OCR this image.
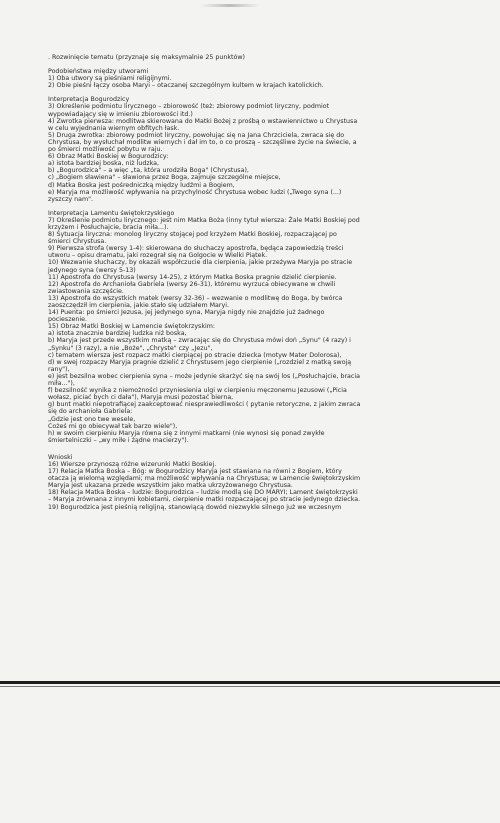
. Rozwinięcie tematu (przyznaje się maksymalnie 25 punktów)
Podobieństwa między utworami
1) Oba utwory są pieśniami religijnymi.
2) Obie pieśni łączy osoba Maryi – otaczanej szczególnym kultem w krajach katolickich.
Interpretacja Bogurodzicy
3) Określenie podmiotu lirycznego – zbiorowość (też: zbiorowy podmiot liryczny, podmiot
wypowiadający się w imieniu zbiorowości itd.)
4) Zwrotka pierwsza: modlitwa skierowana do Matki Bożej z prośbą o wstawiennictwo u Chrystusa
w celu wyjednania wiernym obfitych łask.
5) Druga zwrotka: zbiorowy podmiot liryczny, powołując się na Jana Chrzciciela, zwraca się do
Chrystusa, by wysłuchał modlitw wiernych i dał im to, o co proszą – szczęśliwe życie na świecie, a
po śmierci możliwość pobytu w raju.
6) Obraz Matki Boskiej w Bogurodzicy:
a) istota bardziej boska, niż ludzka,
b) „Bogurodzica" – a więc „ta, która urodziła Boga" (Chrystusa),
c) „Bogiem sławiena" – sławiona przez Boga, zajmuje szczególne miejsce,
d) Matka Boska jest pośredniczką między ludźmi a Bogiem,
e) Maryja ma możliwość wpływania na przychylność Chrystusa wobec ludzi („Twego syna (...)
zyszczy nam".
Interpretacja Lamentu świętokrzyskiego
7) Określenie podmiotu lirycznego: jest nim Matka Boża (inny tytuł wiersza: Żale Matki Boskiej pod
krzyżem i Posłuchajcie, bracia miła...).
8) Sytuacja liryczna: monolog liryczny stojącej pod krzyżem Matki Boskiej, rozpaczającej po
śmierci Chrystusa.
9) Pierwsza strofa (wersy 1-4): skierowana do słuchaczy apostrofa, będąca zapowiedzią treści
utworu – opisu dramatu, jaki rozegrał się na Golgocie w Wielki Piątek.
10) Wezwanie słuchaczy, by okazali współczucie dla cierpienia, jakie przeżywa Maryja po stracie
jedynego syna (wersy 5-13)
11) Apostrofa do Chrystusa (wersy 14-25), z którym Matka Boska pragnie dzielić cierpienie.
12) Apostrofa do Archanioła Gabriela (wersy 26-31), któremu wyrzuca obiecywane w chwili
zwiastowania szczęście.
13) Apostrofa do wszystkich matek (wersy 32-36) – wezwanie o modlitwę do Boga, by twórca
zaoszczędził im cierpienia, jakie stało się udziałem Maryi.
14) Puenta: po śmierci Jezusa, jej jedynego syna, Maryja nigdy nie znajdzie już żadnego
pocieszenie.
15) Obraz Matki Boskiej w Lamencie świętokrzyskim:
a) istota znacznie bardziej ludzka niż boska,
b) Maryja jest przede wszystkim matką – zwracając się do Chrystusa mówi doń „Synu" (4 razy) i
„Synku" (3 razy), a nie „Boże", „Chryste" czy „Jezu",
c) tematem wiersza jest rozpacz matki cierpiącej po stracie dziecka (motyw Mater Dolorosa),
d) w swej rozpaczy Maryja pragnie dzielić z Chrystusem jego cierpienie („rozdziel z matką swoją
rany"),
e) jest bezsilna wobec cierpienia syna – może jedynie skarżyć się na swój los („Posłuchajcie, bracia
miła..."),
f) bezsilność wynika z niemożności przyniesienia ulgi w cierpieniu męczonemu Jezusowi („Picia
wołasz, piciać bych ci dała"), Maryja musi pozostać bierna,
g) bunt matki niepotrafiącej zaakceptować niesprawiedliwości ( pytanie retoryczne, z jakim zwraca
się do archanioła Gabriela:
„Gdzie jest ono twe wesele,
Cożeś mi go obiecywał tak barzo wiele"),
h) w swoim cierpieniu Maryja równa się z innymi matkami (nie wynosi się ponad zwykłe
śmiertelniczki – „wy miłe i żądne macierzy").
Wnioski
16) Wiersze przynoszą różne wizerunki Matki Boskiej.
17) Relacja Matka Boska – Bóg: w Bogurodzicy Maryja jest stawiana na równi z Bogiem, który
otacza ją wielomą względami; ma możliwość wpływania na Chrystusa; w Lamencie świętokrzyskim
Maryja jest ukazana przede wszystkim jako matka ukrzyżowanego Chrystusa.
18) Relacja Matka Boska – ludzie: Bogurodzica – ludzie modlą się DO MARYI; Lament świętokrzyski
– Maryja zrównana z innymi kobietami, cierpienie matki rozpaczającej po stracie jedynego dziecka.
19) Bogurodzica jest pieśnią religijną, stanowiącą dowód niezwykle silnego już we wczesnym
